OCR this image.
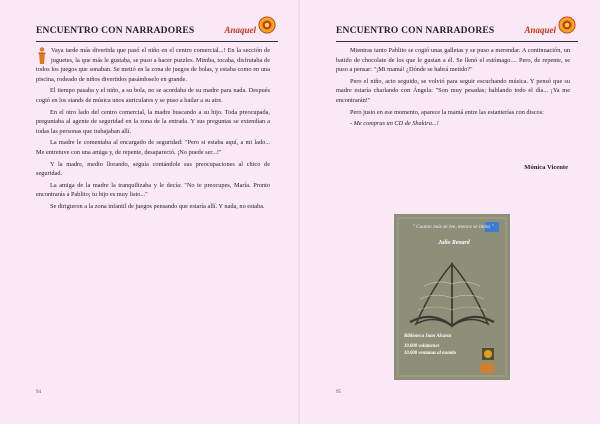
ENCUENTRO CON NARRADORES	Anaquel

Vaya tarde más divertida que pasó el niño en el centro comercial...! En la sección de juguetes, la que más le gustaba, se puso a hacer puzzles. Mimba, tocaba, disfrutaba de todos los juegos que sonaban. Se metió en la zona de juegos de bolas, y estaba como en una piscina, rodeado de niños divertidos pasándoselo en grande.

El tiempo pasaba y el niño, a su bola, no se acordaba de su madre para nada. Después cogió en los stands de música unos auriculares y se puso a bailar a su aire.

En el otro lado del centro comercial, la madre buscando a su hijo. Toda preocupada, preguntaba al agente de seguridad en la zona de la entrada. Y sus preguntas se extendían a todas las personas que trabajaban allí.

La madre le comentaba al encargado de seguridad: "Pero si estaba aquí, a mi lado... Me entretuve con una amiga y, de repente, desapareció. ¡No puede ser...!"

Y la madre, medio llorando, seguía contándole sus preocupaciones al chico de seguridad.

La amiga de la madre la tranquilizaba y le decía: "No te preocupes, María. Pronto encontrarás a Pablito; tu hijo es muy listo..."

Se dirigieron a la zona infantil de juegos pensando que estaría allí. Y nada, no estaba.

94
ENCUENTRO CON NARRADORES	Anaquel

Mientras tanto Pablito se cogió unas galletas y se puso a merendar. A continuación, un batido de chocolate de los que le gustan a él. Se llenó el estómago.... Pero, de repente, se puso a pensar: "¡Mi mamá! ¿Dónde se habrá metido?"

Pero el niño, acto seguido, se volvió para seguir escuchando música. Y pensó que su madre estaría charlando con Ángela: "Son muy pesadas; hablando todo el día... ¡Ya me encontrarán!"

Pero justo en ese momento, aparece la mamá entre las estanterías con discos:

- Me compras un CD de Shakira...!

Mónica Vicente
95
" Cuanto más se lee, menos se imita "
Julio Renard
Biblioteca Juan Alcaraz
10.000 volúmenes
10.000 ventanas al mundo
